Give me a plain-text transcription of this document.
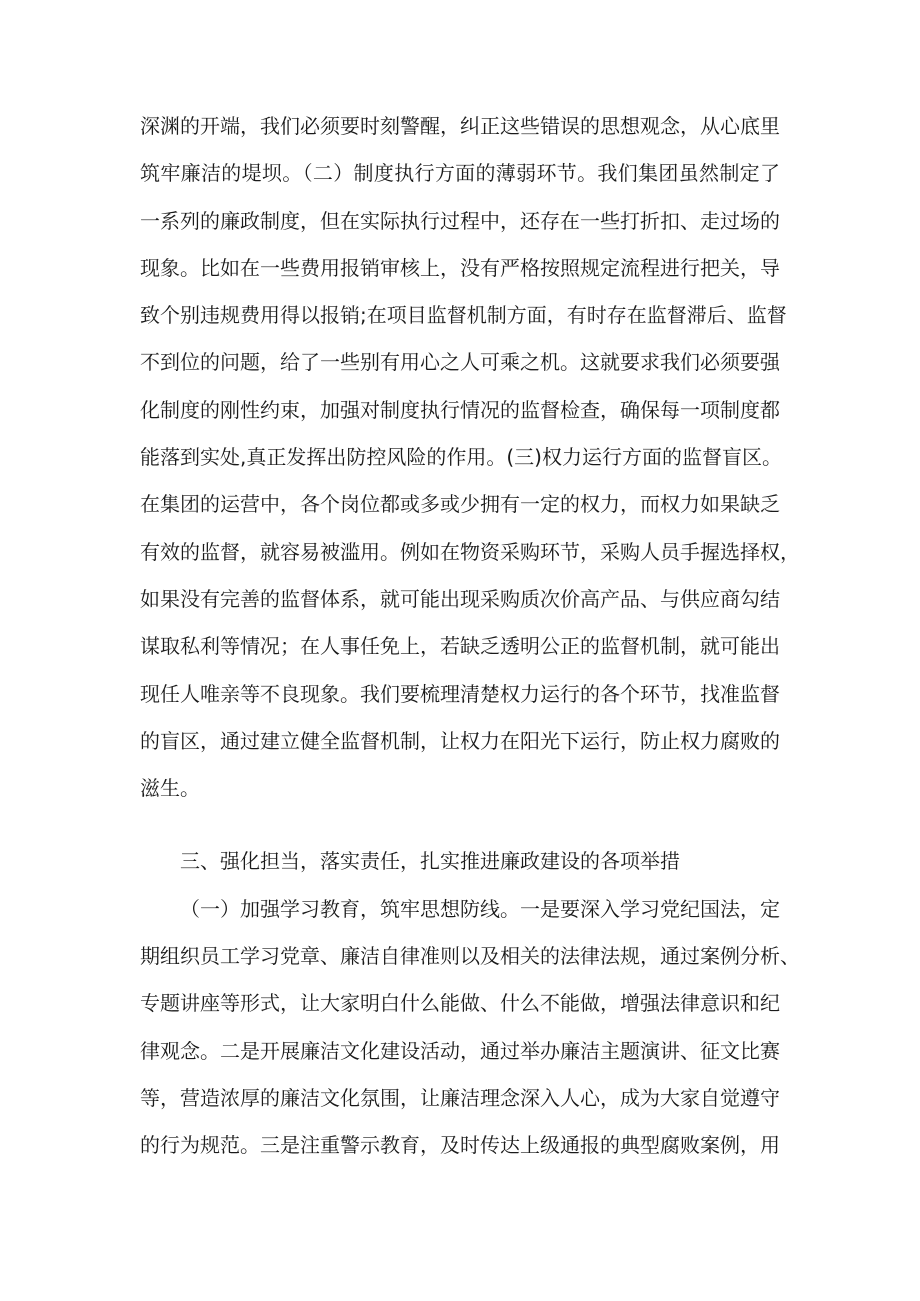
深渊的开端，我们必须要时刻警醒，纠正这些错误的思想观念，从心底里
筑牢廉洁的堤坝。（二）制度执行方面的薄弱环节。我们集团虽然制定了
一系列的廉政制度，但在实际执行过程中，还存在一些打折扣、走过场的
现象。比如在一些费用报销审核上，没有严格按照规定流程进行把关，导
致个别违规费用得以报销;在项目监督机制方面，有时存在监督滞后、监督
不到位的问题，给了一些别有用心之人可乘之机。这就要求我们必须要强
化制度的刚性约束，加强对制度执行情况的监督检查，确保每一项制度都
能落到实处,真正发挥出防控风险的作用。(三)权力运行方面的监督盲区。
在集团的运营中，各个岗位都或多或少拥有一定的权力，而权力如果缺乏
有效的监督，就容易被滥用。例如在物资采购环节，采购人员手握选择权，
如果没有完善的监督体系，就可能出现采购质次价高产品、与供应商勾结
谋取私利等情况；在人事任免上，若缺乏透明公正的监督机制，就可能出
现任人唯亲等不良现象。我们要梳理清楚权力运行的各个环节，找准监督
的盲区，通过建立健全监督机制，让权力在阳光下运行，防止权力腐败的
滋生。
三、强化担当，落实责任，扎实推进廉政建设的各项举措
（一）加强学习教育，筑牢思想防线。一是要深入学习党纪国法，定
期组织员工学习党章、廉洁自律准则以及相关的法律法规，通过案例分析、
专题讲座等形式，让大家明白什么能做、什么不能做，增强法律意识和纪
律观念。二是开展廉洁文化建设活动，通过举办廉洁主题演讲、征文比赛
等，营造浓厚的廉洁文化氛围，让廉洁理念深入人心，成为大家自觉遵守
的行为规范。三是注重警示教育，及时传达上级通报的典型腐败案例，用
